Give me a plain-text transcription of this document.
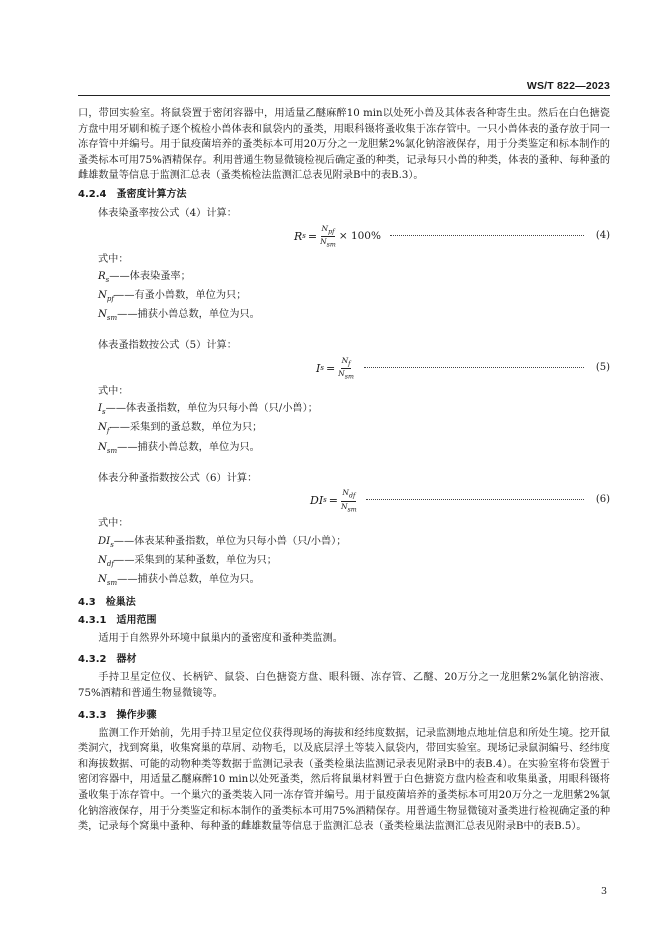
WS/T 822—2023

口，带回实验室。将鼠袋置于密闭容器中，用适量乙醚麻醉10 min以处死小兽及其体表各种寄生虫。然后在白色搪瓷方盘中用牙刷和梳子逐个梳检小兽体表和鼠袋内的蚤类，用眼科镊将蚤收集于冻存管中。一只小兽体表的蚤存放于同一冻存管中并编号。用于鼠疫菌培养的蚤类标本可用20万分之一龙胆紫2%氯化钠溶液保存，用于分类鉴定和标本制作的蚤类标本可用75%酒精保存。利用普通生物显微镜检视后确定蚤的种类，记录每只小兽的种类，体表的蚤种、每种蚤的雌雄数量等信息于监测汇总表（蚤类梳检法监测汇总表见附录B中的表B.3）。

4.2.4 蚤密度计算方法

体表染蚤率按公式（4）计算：

R $s = \frac{N_{pf}}{N_{sm}} \times 100\%$	(4)

式中：

$R_s——$体表染蚤率；
$N_{pf}——$有蚤小兽数，单位为只；
$N_{sm}——$捕获小兽总数，单位为只。

体表蚤指数按公式（5）计算：

I $s = \frac{N_f}{N_{sm}}$	(5)

式中：

$I_s——$体表蚤指数，单位为只每小兽（只/小兽）；
$N_f——$采集到的蚤总数，单位为只；
$N_{sm}——$捕获小兽总数，单位为只。

体表分种蚤指数按公式（6）计算：

DI $s = \frac{N_{df}}{N_{sm}}$	(6)

式中：

$DI_s——$体表某种蚤指数，单位为只每小兽（只/小兽）；
$N_{df}——$采集到的某种蚤数，单位为只；
$N_{sm}——$捕获小兽总数，单位为只。
4.3 检巢法
4.3.1 适用范围

适用于自然界外环境中鼠巢内的蚤密度和蚤种类监测。

4.3.2 器材

手持卫星定位仪、长柄铲、鼠袋、白色搪瓷方盘、眼科镊、冻存管、乙醚、20万分之一龙胆紫2%氯化钠溶液、75%酒精和普通生物显微镜等。

4.3.3 操作步骤

监测工作开始前，先用手持卫星定位仪获得现场的海拔和经纬度数据，记录监测地点地址信息和所处生境。挖开鼠类洞穴，找到窝巢，收集窝巢的草屑、动物毛，以及底层浮土等装入鼠袋内，带回实验室。现场记录鼠洞编号、经纬度和海拔数据、可能的动物种类等数据于监测记录表（蚤类检巢法监测记录表见附录B中的表B.4）。在实验室将布袋置于密闭容器中，用适量乙醚麻醉10 min以处死蚤类，然后将鼠巢材料置于白色搪瓷方盘内检查和收集巢蚤，用眼科镊将蚤收集于冻存管中。一个巢穴的蚤类装入同一冻存管并编号。用于鼠疫菌培养的蚤类标本可用20万分之一龙胆紫2%氯化钠溶液保存，用于分类鉴定和标本制作的蚤类标本可用75%酒精保存。用普通生物显微镜对蚤类进行检视确定蚤的种类，记录每个窝巢中蚤种、每种蚤的雌雄数量等信息于监测汇总表（蚤类检巢法监测汇总表见附录B中的表B.5）。

3
